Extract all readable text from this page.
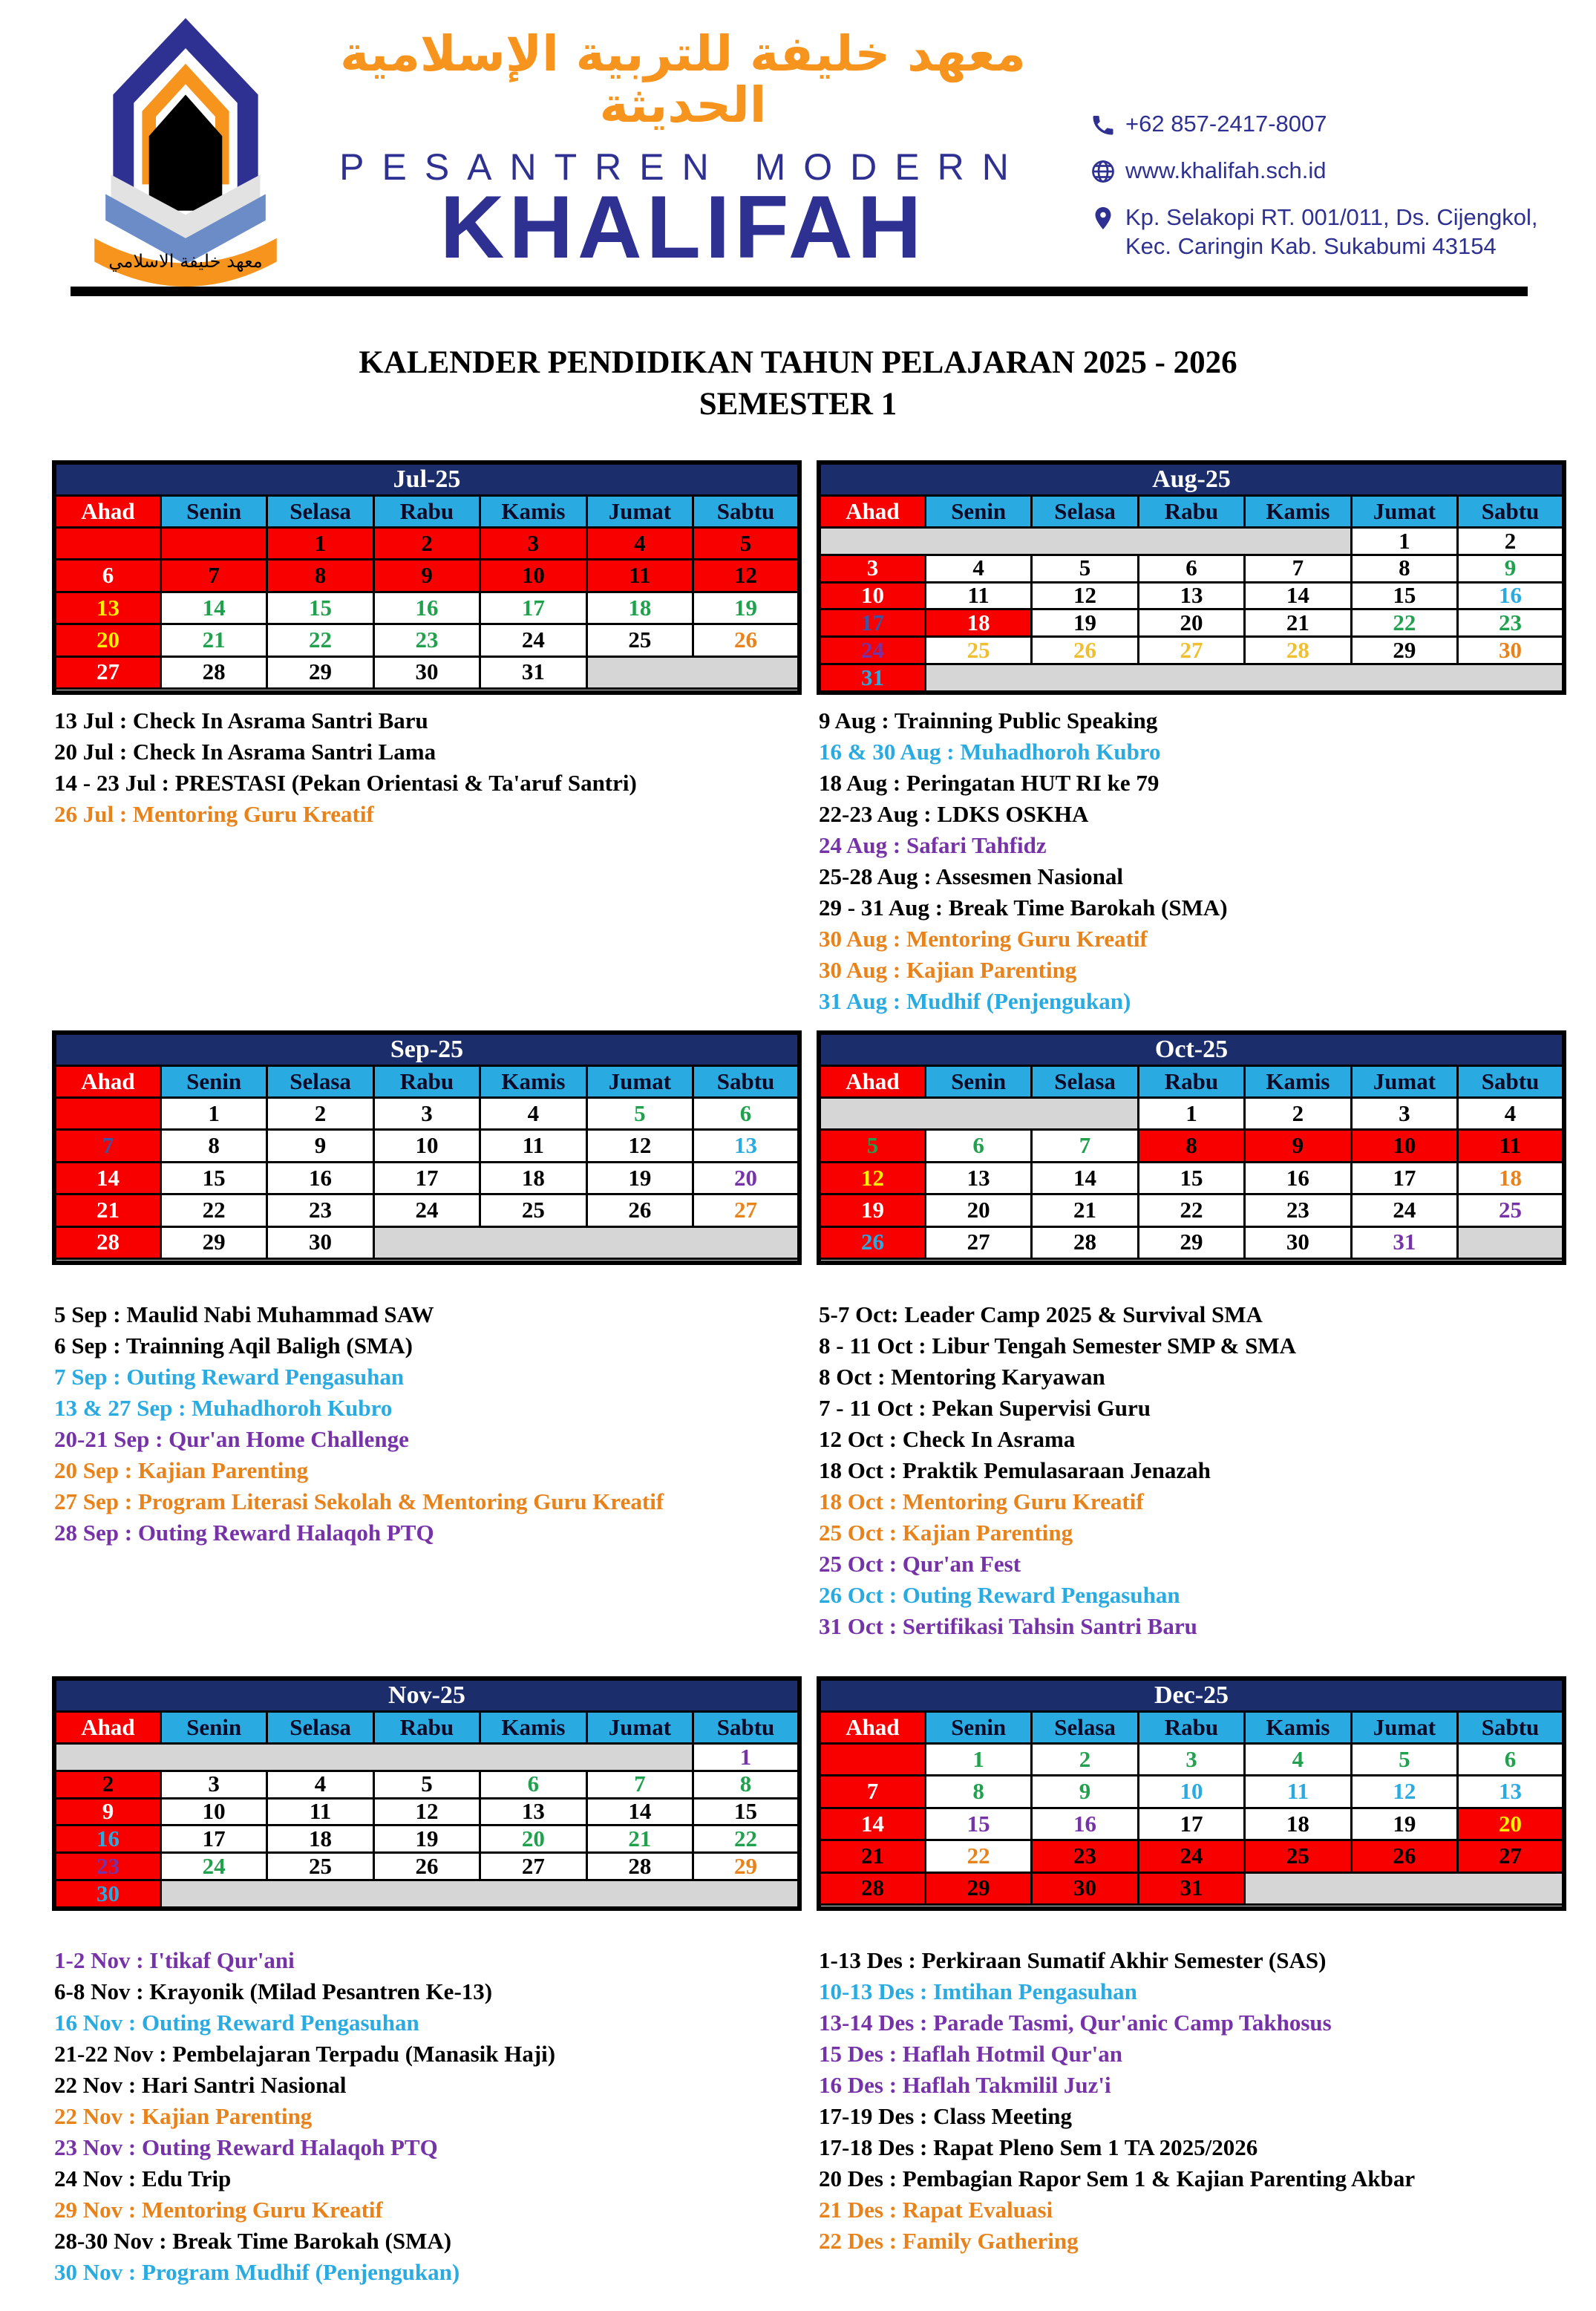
معهد خليفة الاسلامي
معهد خليفة للتربية الإسلامية الحديثة
PESANTREN MODERN
KHALIFAH
+62 857-2417-8007
www.khalifah.sch.id
Kp. Selakopi RT. 001/011, Ds. Cijengkol,
Kec. Caringin Kab. Sukabumi 43154
KALENDER PENDIDIKAN TAHUN PELAJARAN 2025 - 2026
SEMESTER 1
Jul-25						
Ahad	Senin	Selasa	Rabu	Kamis	Jumat	Sabtu
		1	2	3	4	5
6	7	8	9	10	11	12
13	14	15	16	17	18	19
20	21	22	23	24	25	26
27	28	29	30	31		

13 Jul : Check In Asrama Santri Baru
20 Jul : Check In Asrama Santri Lama
14 - 23 Jul : PRESTASI (Pekan Orientasi & Ta'aruf Santri)
26 Jul : Mentoring Guru Kreatif
Aug-25						
Ahad	Senin	Selasa	Rabu	Kamis	Jumat	Sabtu
					1	2
3	4	5	6	7	8	9
10	11	12	13	14	15	16
17	18	19	20	21	22	23
24	25	26	27	28	29	30
31						
9 Aug : Trainning Public Speaking
16 & 30 Aug : Muhadhoroh Kubro
18 Aug : Peringatan HUT RI ke 79
22-23 Aug : LDKS OSKHA
24 Aug : Safari Tahfidz
25-28 Aug : Assesmen Nasional
29 - 31 Aug : Break Time Barokah (SMA)
30 Aug : Mentoring Guru Kreatif
30 Aug : Kajian Parenting
31 Aug : Mudhif (Penjengukan)
Sep-25						
Ahad	Senin	Selasa	Rabu	Kamis	Jumat	Sabtu
	1	2	3	4	5	6
7	8	9	10	11	12	13
14	15	16	17	18	19	20
21	22	23	24	25	26	27
28	29	30				

5 Sep : Maulid Nabi Muhammad SAW
6 Sep : Trainning Aqil Baligh (SMA)
7 Sep : Outing Reward Pengasuhan
13 & 27 Sep : Muhadhoroh Kubro
20-21 Sep : Qur'an Home Challenge
20 Sep : Kajian Parenting
27 Sep : Program Literasi Sekolah & Mentoring Guru Kreatif
28 Sep : Outing Reward Halaqoh PTQ
Oct-25						
Ahad	Senin	Selasa	Rabu	Kamis	Jumat	Sabtu
			1	2	3	4
5	6	7	8	9	10	11
12	13	14	15	16	17	18
19	20	21	22	23	24	25
26	27	28	29	30	31	

5-7 Oct: Leader Camp 2025 & Survival SMA
8 - 11 Oct : Libur Tengah Semester SMP & SMA
8 Oct : Mentoring Karyawan
7 - 11 Oct : Pekan Supervisi Guru
12 Oct : Check In Asrama
18 Oct : Praktik Pemulasaraan Jenazah
18 Oct : Mentoring Guru Kreatif
25 Oct : Kajian Parenting
25 Oct : Qur'an Fest
26 Oct : Outing Reward Pengasuhan
31 Oct : Sertifikasi Tahsin Santri Baru
Nov-25						
Ahad	Senin	Selasa	Rabu	Kamis	Jumat	Sabtu
						1
2	3	4	5	6	7	8
9	10	11	12	13	14	15
16	17	18	19	20	21	22
23	24	25	26	27	28	29
30						
1-2 Nov : I'tikaf Qur'ani
6-8 Nov : Krayonik (Milad Pesantren Ke-13)
16 Nov : Outing Reward Pengasuhan
21-22 Nov : Pembelajaran Terpadu (Manasik Haji)
22 Nov : Hari Santri Nasional
22 Nov : Kajian Parenting
23 Nov : Outing Reward Halaqoh PTQ
24 Nov : Edu Trip
29 Nov : Mentoring Guru Kreatif
28-30 Nov : Break Time Barokah (SMA)
30 Nov : Program Mudhif (Penjengukan)
Dec-25						
Ahad	Senin	Selasa	Rabu	Kamis	Jumat	Sabtu
	1	2	3	4	5	6
7	8	9	10	11	12	13
14	15	16	17	18	19	20
21	22	23	24	25	26	27
28	29	30	31			

1-13 Des : Perkiraan Sumatif Akhir Semester (SAS)
10-13 Des : Imtihan Pengasuhan
13-14 Des : Parade Tasmi, Qur'anic Camp Takhosus
15 Des : Haflah Hotmil Qur'an
16 Des : Haflah Takmilil Juz'i
17-19 Des : Class Meeting
17-18 Des : Rapat Pleno Sem 1 TA 2025/2026
20 Des : Pembagian Rapor Sem 1 & Kajian Parenting Akbar
21 Des : Rapat Evaluasi
22 Des : Family Gathering
